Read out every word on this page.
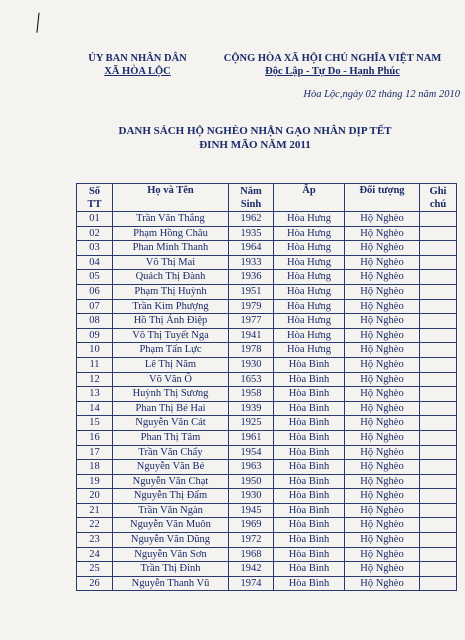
|
ỦY BAN NHÂN DÂN
XÃ HÒA LỘC
CỘNG HÒA XÃ HỘI CHỦ NGHĨA VIỆT NAM
Độc Lập - Tự Do - Hạnh Phúc
Hòa Lộc,ngày 02 tháng 12 năm 2010
DANH SÁCH HỘ NGHÈO NHẬN GẠO NHÂN DỊP TẾT
ĐINH MÃO NĂM 2011
Số TT	Họ và Tên	Năm Sinh	Ấp	Đối tượng	Ghi chú

01	Trần Văn Thắng	1962	Hòa Hưng	Hộ Nghèo	
02	Phạm Hồng Châu	1935	Hòa Hưng	Hộ Nghèo	
03	Phan Minh Thanh	1964	Hòa Hưng	Hộ Nghèo	
04	Võ Thị Mai	1933	Hòa Hưng	Hộ Nghèo	
05	Quách Thị Đành	1936	Hòa Hưng	Hộ Nghèo	
06	Phạm Thị Huỳnh	1951	Hòa Hưng	Hộ Nghèo	
07	Trần Kim Phượng	1979	Hòa Hưng	Hộ Nghèo	
08	Hồ Thị Ánh Điệp	1977	Hòa Hưng	Hộ Nghèo	
09	Võ Thị Tuyết Nga	1941	Hòa Hưng	Hộ Nghèo	
10	Phạm Tấn Lực	1978	Hòa Hưng	Hộ Nghèo	
11	Lê Thị Năm	1930	Hòa Bình	Hộ Nghèo	
12	Võ Văn Ố	1653	Hòa Bình	Hộ Nghèo	
13	Huỳnh Thị Sương	1958	Hòa Bình	Hộ Nghèo	
14	Phan Thị Bé Hai	1939	Hòa Bình	Hộ Nghèo	
15	Nguyễn Văn Cát	1925	Hòa Bình	Hộ Nghèo	
16	Phan Thị Tâm	1961	Hòa Bình	Hộ Nghèo	
17	Trần Văn Chẩy	1954	Hòa Bình	Hộ Nghèo	
18	Nguyễn Văn Bé	1963	Hòa Bình	Hộ Nghèo	
19	Nguyễn Văn Chạt	1950	Hòa Bình	Hộ Nghèo	
20	Nguyễn Thị Đẩm	1930	Hòa Bình	Hộ Nghèo	
21	Trần Văn Ngàn	1945	Hòa Bình	Hộ Nghèo	
22	Nguyễn Văn Muôn	1969	Hòa Bình	Hộ Nghèo	
23	Nguyễn Văn Dũng	1972	Hòa Bình	Hộ Nghèo	
24	Nguyễn Văn Sơn	1968	Hòa Bình	Hộ Nghèo	
25	Trần Thị Đinh	1942	Hòa Bình	Hộ Nghèo	
26	Nguyễn Thanh Vũ	1974	Hòa Bình	Hộ Nghèo	
